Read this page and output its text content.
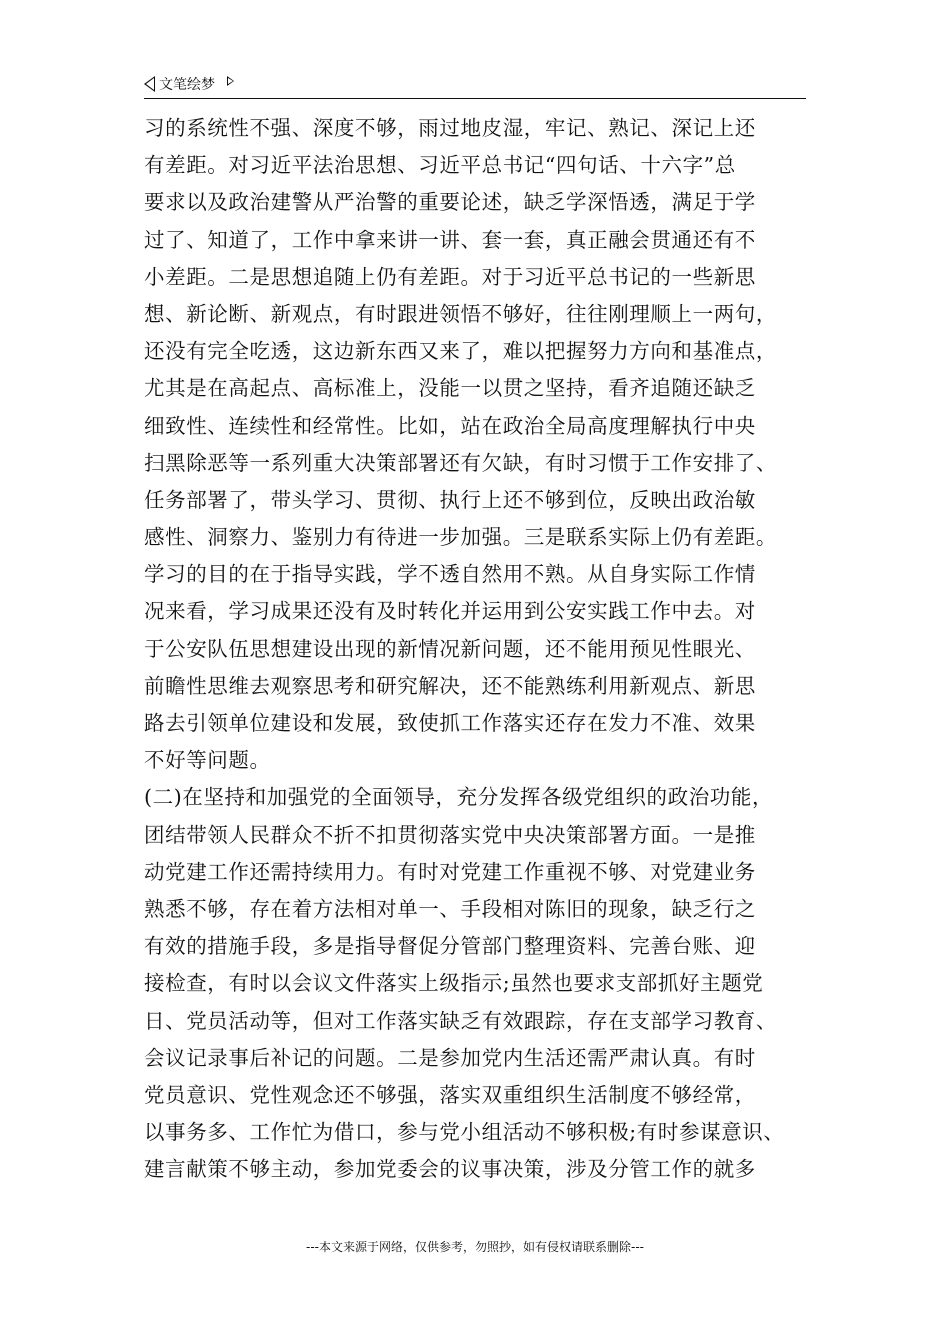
文笔绘梦
习的系统性不强、深度不够，雨过地皮湿，牢记、熟记、深记上还
有差距。对习近平法治思想、习近平总书记“四句话、十六字”总
要求以及政治建警从严治警的重要论述，缺乏学深悟透，满足于学
过了、知道了，工作中拿来讲一讲、套一套，真正融会贯通还有不
小差距。二是思想追随上仍有差距。对于习近平总书记的一些新思
想、新论断、新观点，有时跟进领悟不够好，往往刚理顺上一两句，
还没有完全吃透，这边新东西又来了，难以把握努力方向和基准点，
尤其是在高起点、高标准上，没能一以贯之坚持，看齐追随还缺乏
细致性、连续性和经常性。比如，站在政治全局高度理解执行中央
扫黑除恶等一系列重大决策部署还有欠缺，有时习惯于工作安排了、
任务部署了，带头学习、贯彻、执行上还不够到位，反映出政治敏
感性、洞察力、鉴别力有待进一步加强。三是联系实际上仍有差距。
学习的目的在于指导实践，学不透自然用不熟。从自身实际工作情
况来看，学习成果还没有及时转化并运用到公安实践工作中去。对
于公安队伍思想建设出现的新情况新问题，还不能用预见性眼光、
前瞻性思维去观察思考和研究解决，还不能熟练利用新观点、新思
路去引领单位建设和发展，致使抓工作落实还存在发力不准、效果
不好等问题。
(二)在坚持和加强党的全面领导，充分发挥各级党组织的政治功能，
团结带领人民群众不折不扣贯彻落实党中央决策部署方面。一是推
动党建工作还需持续用力。有时对党建工作重视不够、对党建业务
熟悉不够，存在着方法相对单一、手段相对陈旧的现象，缺乏行之
有效的措施手段，多是指导督促分管部门整理资料、完善台账、迎
接检查，有时以会议文件落实上级指示;虽然也要求支部抓好主题党
日、党员活动等，但对工作落实缺乏有效跟踪，存在支部学习教育、
会议记录事后补记的问题。二是参加党内生活还需严肃认真。有时
党员意识、党性观念还不够强，落实双重组织生活制度不够经常，
以事务多、工作忙为借口，参与党小组活动不够积极;有时参谋意识、
建言献策不够主动，参加党委会的议事决策，涉及分管工作的就多
---本文来源于网络，仅供参考，勿照抄，如有侵权请联系删除---
